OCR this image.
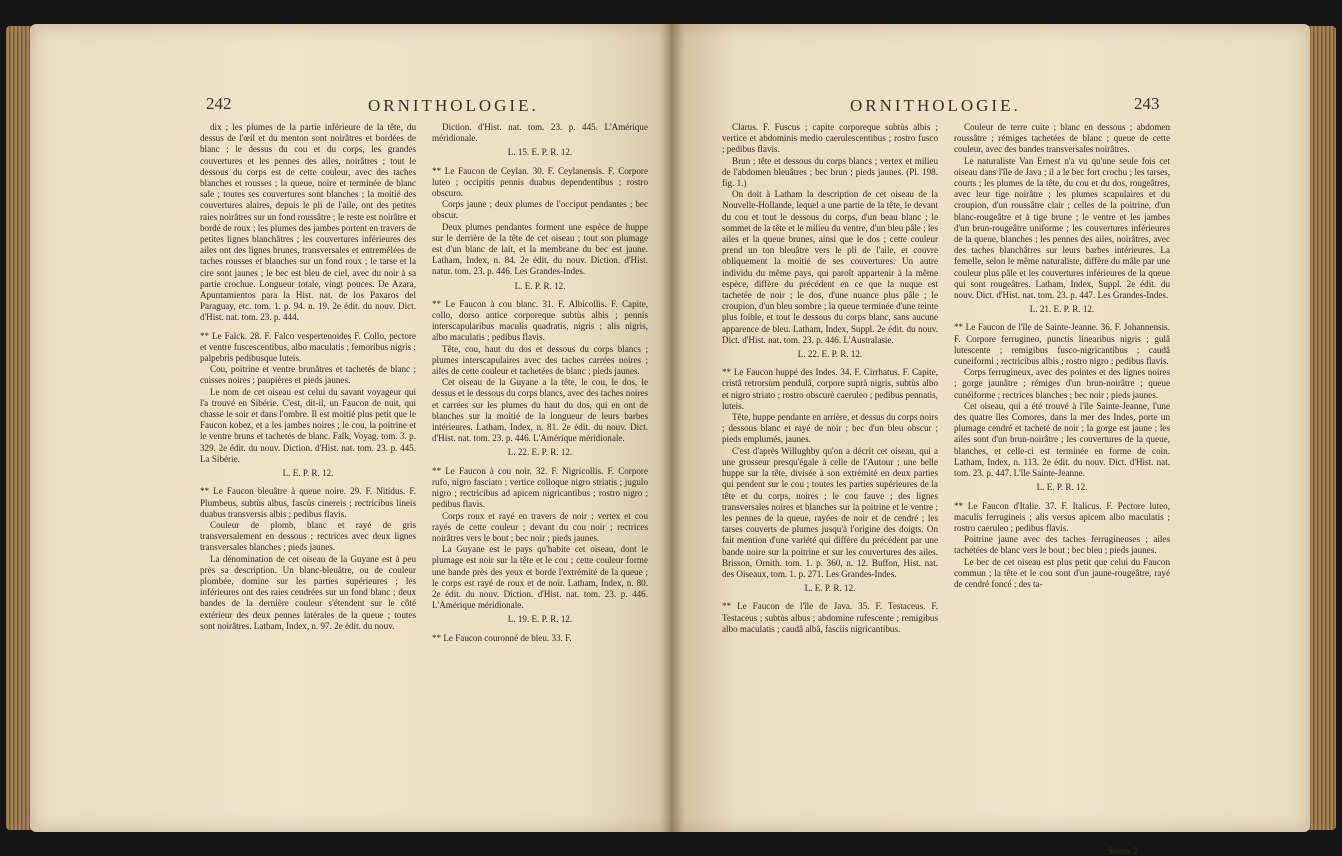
242	ORNITHOLOGIE.

dix ; les plumes de la partie inférieure de la tête, du dessus de l'œil et du menton sont noirâtres et bordées de blanc ; le dessus du cou et du corps, les grandes couvertures et les pennes des ailes, noirâtres ; tout le dessous du corps est de cette couleur, avec des taches blanches et rousses ; la queue, noire et terminée de blanc sale ; toutes ses couvertures sont blanches ; la moitié des couvertures alaires, depuis le pli de l'aile, ont des petites raies noirâtres sur un fond roussâtre ; le reste est noirâtre et bordé de roux ; les plumes des jambes portent en travers de petites lignes blanchâtres ; les couvertures inférieures des ailes ont des lignes brunes, transversales et entremêlées de taches rousses et blanches sur un fond roux ; le tarse et la cire sont jaunes ; le bec est bleu de ciel, avec du noir à sa partie crochue. Longueur totale, vingt pouces. De Azara, Apuntamientos para la Hist. nat. de los Paxaros del Paraguay, etc. tom. 1. p. 94. n. 19. 2e édit. du nouv. Dict. d'Hist. nat. tom. 23. p. 444.

** Le Falck. 28. F. Falco vespertenoides F. Collo, pectore et ventre fuscescentibus, albo maculatis ; femoribus nigris ; palpebris pedibusque luteis.

Cou, poitrine et ventre brunâtres et tachetés de blanc ; cuisses noires ; paupières et pieds jaunes.

Le nom de cet oiseau est celui du savant voyageur qui l'a trouvé en Sibérie. C'est, dit-il, un Faucon de nuit, qui chasse le soir et dans l'ombre. Il est moitié plus petit que le Faucon kobez, et a les jambes noires ; le cou, la poitrine et le ventre bruns et tachetés de blanc. Falk, Voyag. tom. 3. p. 329. 2e édit. du nouv. Diction. d'Hist. nat. tom. 23. p. 445. La Sibérie.

L. E. P. R. 12.

** Le Faucon bleuâtre à queue noire. 29. F. Nitidus. F. Plumbeus, subtùs albus, fascüs cinereis ; rectricibus lineis duabus transversis albis ; pedibus flavis.

Couleur de plomb, blanc et rayé de gris transversalement en dessous ; rectrices avec deux lignes transversales blanches ; pieds jaunes.

La dénomination de cet oiseau de la Guyane est à peu près sa description. Un blanc-bleuâtre, ou de couleur plombée, domine sur les parties supérieures ; les inférieures ont des raies cendrées sur un fond blanc ; deux bandes de la dernière couleur s'étendent sur le côté extérieur des deux pennes latérales de la queue ; toutes sont noirâtres. Latham, Index, n. 97. 2e édit. du nouv.

Diction. d'Hist. nat. tom. 23. p. 445. L'Amérique méridionale.

L. 15. E. P. R. 12.

** Le Faucon de Ceylan. 30. F. Ceylanensis. F. Corpore luteo ; occipitis pennis duabus dependentibus ; rostro obscuro.

Corps jaune ; deux plumes de l'occiput pendantes ; bec obscur.

Deux plumes pendantes forment une espèce de huppe sur le derrière de la tête de cet oiseau ; tout son plumage est d'un blanc de lait, et la membrane du bec est jaune. Latham, Index, n. 84. 2e édit. du nouv. Diction. d'Hist. natur. tom. 23. p. 446. Les Grandes-Indes.

L. E. P. R. 12.

** Le Faucon à cou blanc. 31. F. Albicollis. F. Capite, collo, dorso antice corporeque subtùs albis ; pennis interscapularibus maculis quadratis, nigris ; alis nigris, albo maculatis ; pedibus flavis.

Tête, cou, haut du dos et dessous du corps blancs ; plumes interscapulaires avec des taches carrées noires ; ailes de cette couleur et tachetées de blanc ; pieds jaunes.

Cet oiseau de la Guyane a la tête, le cou, le dos, le dessus et le dessous du corps blancs, avec des taches noires et carrées sur les plumes du haut du dos, qui en ont de blanches sur la moitié de la longueur de leurs barbes intérieures. Latham, Index, n. 81. 2e édit. du nouv. Dict. d'Hist. nat. tom. 23. p. 446. L'Amérique méridionale.

L. 22. E. P. R. 12.

** Le Faucon à cou noir. 32. F. Nigricollis. F. Corpore rufo, nigro fasciato ; vertice colloque nigro striatis ; jugulo nigro ; rectricibus ad apicem nigricantibus ; rostro nigro ; pedibus flavis.

Corps roux et rayé en travers de noir ; vertex et cou rayés de cette couleur ; devant du cou noir ; rectrices noirâtres vers le bout ; bec noir ; pieds jaunes.

La Guyane est le pays qu'habite cet oiseau, dont le plumage est noir sur la tête et le cou ; cette couleur forme une bande près des yeux et borde l'extrémité de la queue ; le corps est rayé de roux et de noir. Latham, Index, n. 80. 2e édit. du nouv. Diction. d'Hist. nat. tom. 23. p. 446. L'Amérique méridionale.

L. 19. E. P. R. 12.

** Le Faucon couronné de bleu. 33. F.

ORNITHOLOGIE.	243

Clarus. F. Fuscus ; capite corporeque subtùs albis ; vertice et abdominis medio caerulescentibus ; rostro fusco ; pedibus flavis.

Brun ; tête et dessous du corps blancs ; vertex et milieu de l'abdomen bleuâtres ; bec brun ; pieds jaunes. (Pl. 198. fig. 1.)

On doit à Latham la description de cet oiseau de la Nouvelle-Hollande, lequel a une partie de la tête, le devant du cou et tout le dessous du corps, d'un beau blanc ; le sommet de la tête et le milieu du ventre, d'un bleu pâle ; les ailes et la queue brunes, ainsi que le dos ; cette couleur prend un ton bleuâtre vers le pli de l'aile, et couvre obliquement la moitié de ses couvertures. Un autre individu du même pays, qui paroît appartenir à la même espèce, diffère du précédent en ce que la nuque est tachetée de noir ; le dos, d'une nuance plus pâle ; le croupion, d'un bleu sombre ; la queue terminée d'une teinte plus foible, et tout le dessous du corps blanc, sans aucune apparence de bleu. Latham, Index, Suppl. 2e édit. du nouv. Dict. d'Hist. nat. tom. 23. p. 446. L'Australasie.

L. 22. E. P. R. 12.

** Le Faucon huppé des Indes. 34. F. Cirrhatus. F. Capite, cristâ retrorsùm pendulâ, corpore suprà nigris, subtùs albo et nigro striato ; rostro obscurè caeruleo ; pedibus pennatis, luteis.

Tête, huppe pendante en arrière, et dessus du corps noirs ; dessous blanc et rayé de noir ; bec d'un bleu obscur ; pieds emplumés, jaunes.

C'est d'après Willughby qu'on a décrit cet oiseau, qui a une grosseur presqu'égale à celle de l'Autour ; une belle huppe sur la tête, divisée à son extrémité en deux parties qui pendent sur le cou ; toutes les parties supérieures de la tête et du corps, noires ; le cou fauve ; des lignes transversales noires et blanches sur la poitrine et le ventre ; les pennes de la queue, rayées de noir et de cendré ; les tarses couverts de plumes jusqu'à l'origine des doigts. On fait mention d'une variété qui diffère du précédent par une bande noire sur la poitrine et sur les couvertures des ailes. Brisson, Ornith. tom. 1. p. 360, n. 12. Buffon, Hist. nat. des Oiseaux, tom. 1. p. 271. Les Grandes-Indes.

L. E. P. R. 12.

** Le Faucon de l'île de Java. 35. F. Testaceus. F. Testaceus ; subtùs albus ; abdomine rufescente ; remigibus albo maculatis ; caudâ albâ, fasciis nigricantibus.

Couleur de terre cuite ; blanc en dessous ; abdomen roussâtre ; rémiges tachetées de blanc ; queue de cette couleur, avec des bandes transversales noirâtres.

Le naturaliste Van Ernest n'a vu qu'une seule fois cet oiseau dans l'île de Java ; il a le bec fort crochu ; les tarses, courts ; les plumes de la tête, du cou et du dos, rougeâtres, avec leur tige noirâtre ; les plumes scapulaires et du croupion, d'un roussâtre clair ; celles de la poitrine, d'un blanc-rougeâtre et à tige brune ; le ventre et les jambes d'un brun-rougeâtre uniforme ; les couvertures inférieures de la queue, blanches ; les pennes des ailes, noirâtres, avec des taches blanchâtres sur leurs barbes intérieures. La femelle, selon le même naturaliste, diffère du mâle par une couleur plus pâle et les couvertures inférieures de la queue qui sont rougeâtres. Latham, Index, Suppl. 2e édit. du nouv. Dict. d'Hist. nat. tom. 23. p. 447. Les Grandes-Indes.

L. 21. E. P. R. 12.

** Le Faucon de l'île de Sainte-Jeanne. 36. F. Johannensis. F. Corpore ferrugineo, punctis linearibus nigris ; gulâ lutescente ; remigibus fusco-nigricantibus ; caudâ cuneiformi ; rectricibus albis ; rostro nigro ; pedibus flavis.

Corps ferrugineux, avec des pointes et des lignes noires ; gorge jaunâtre ; rémiges d'un brun-noirâtre ; queue cunéiforme ; rectrices blanches ; bec noir ; pieds jaunes.

Cet oiseau, qui a été trouvé à l'île Sainte-Jeanne, l'une des quatre îles Comores, dans la mer des Indes, porte un plumage cendré et tacheté de noir ; la gorge est jaune ; les ailes sont d'un brun-noirâtre ; les couvertures de la queue, blanches, et celle-ci est terminée en forme de coin. Latham, Index, n. 113. 2e édit. du nouv. Dict. d'Hist. nat. tom. 23. p. 447. L'île Sainte-Jeanne.

L. E. P. R. 12.

** Le Faucon d'Italie. 37. F. Italicus. F. Pectore luteo, maculis ferrugineis ; alis versus apicem albo maculatis ; rostro caeruleo ; pedibus flavis.

Poitrine jaune avec des taches ferrugineuses ; ailes tachetées de blanc vers le bout ; bec bleu ; pieds jaunes.

Le bec de cet oiseau est plus petit que celui du Faucon commun ; la tête et le cou sont d'un jaune-rougeâtre, rayé de cendré foncé ; des ta-

Ssssss 2
